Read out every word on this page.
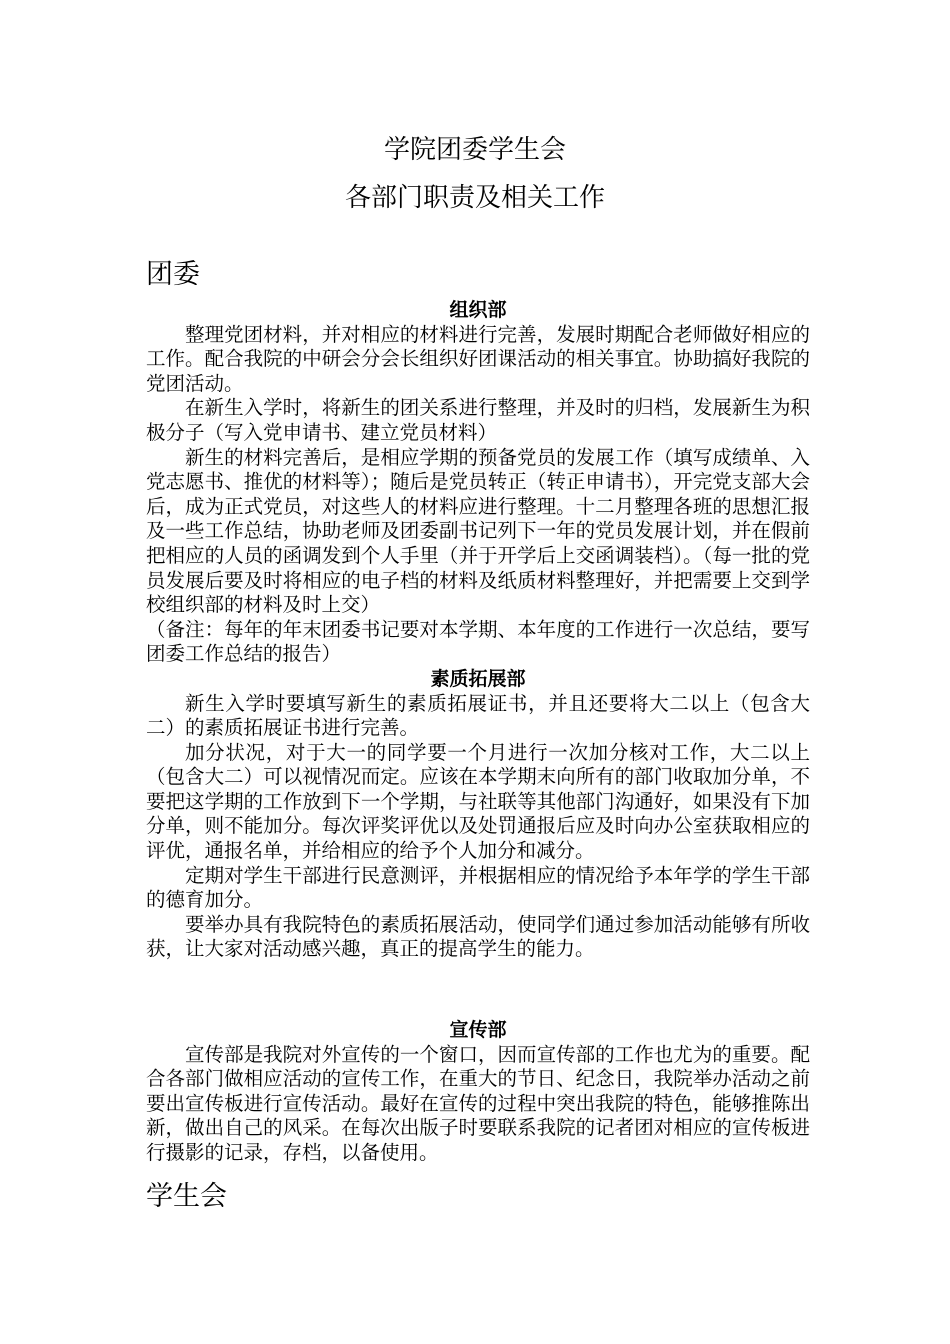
学院团委学生会
各部门职责及相关工作
团委
组织部

整理党团材料，并对相应的材料进行完善，发展时期配合老师做好相应的工作。配合我院的中研会分会长组织好团课活动的相关事宜。协助搞好我院的党团活动。

在新生入学时，将新生的团关系进行整理，并及时的归档，发展新生为积极分子（写入党申请书、建立党员材料）

新生的材料完善后，是相应学期的预备党员的发展工作（填写成绩单、入党志愿书、推优的材料等）；随后是党员转正（转正申请书），开完党支部大会后，成为正式党员，对这些人的材料应进行整理。十二月整理各班的思想汇报及一些工作总结，协助老师及团委副书记列下一年的党员发展计划，并在假前把相应的人员的函调发到个人手里（并于开学后上交函调装档）。（每一批的党员发展后要及时将相应的电子档的材料及纸质材料整理好，并把需要上交到学校组织部的材料及时上交）

（备注：每年的年末团委书记要对本学期、本年度的工作进行一次总结，要写团委工作总结的报告）

素质拓展部

新生入学时要填写新生的素质拓展证书，并且还要将大二以上（包含大二）的素质拓展证书进行完善。

加分状况，对于大一的同学要一个月进行一次加分核对工作，大二以上（包含大二）可以视情况而定。应该在本学期末向所有的部门收取加分单，不要把这学期的工作放到下一个学期，与社联等其他部门沟通好，如果没有下加分单，则不能加分。每次评奖评优以及处罚通报后应及时向办公室获取相应的评优，通报名单，并给相应的给予个人加分和减分。

定期对学生干部进行民意测评，并根据相应的情况给予本年学的学生干部的德育加分。

要举办具有我院特色的素质拓展活动，使同学们通过参加活动能够有所收获，让大家对活动感兴趣，真正的提高学生的能力。

宣传部

宣传部是我院对外宣传的一个窗口，因而宣传部的工作也尤为的重要。配合各部门做相应活动的宣传工作，在重大的节日、纪念日，我院举办活动之前要出宣传板进行宣传活动。最好在宣传的过程中突出我院的特色，能够推陈出新，做出自己的风采。在每次出版子时要联系我院的记者团对相应的宣传板进行摄影的记录，存档，以备使用。

学生会
